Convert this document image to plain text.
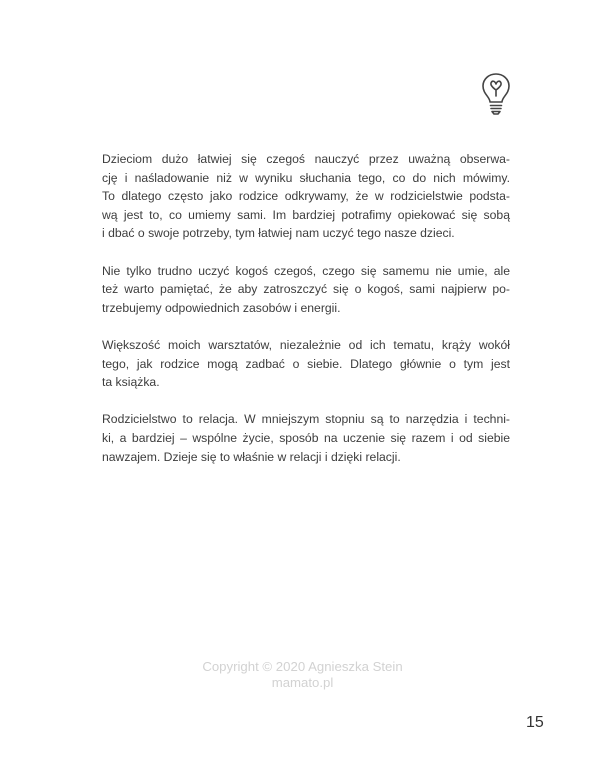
Dzieciom dużo łatwiej się czegoś nauczyć przez uważną obserwa-
cję i naśladowanie niż w wyniku słuchania tego, co do nich mówimy.
To dlatego często jako rodzice odkrywamy, że w rodzicielstwie podsta-
wą jest to, co umiemy sami. Im bardziej potrafimy opiekować się sobą
i dbać o swoje potrzeby, tym łatwiej nam uczyć tego nasze dzieci.

Nie tylko trudno uczyć kogoś czegoś, czego się samemu nie umie, ale
też warto pamiętać, że aby zatroszczyć się o kogoś, sami najpierw po-
trzebujemy odpowiednich zasobów i energii.

Większość moich warsztatów, niezależnie od ich tematu, krąży wokół
tego, jak rodzice mogą zadbać o siebie. Dlatego głównie o tym jest
ta książka.

Rodzicielstwo to relacja. W mniejszym stopniu są to narzędzia i techni-
ki, a bardziej – wspólne życie, sposób na uczenie się razem i od siebie
nawzajem. Dzieje się to właśnie w relacji i dzięki relacji.

Copyright © 2020 Agnieszka Stein
mamato.pl
15
